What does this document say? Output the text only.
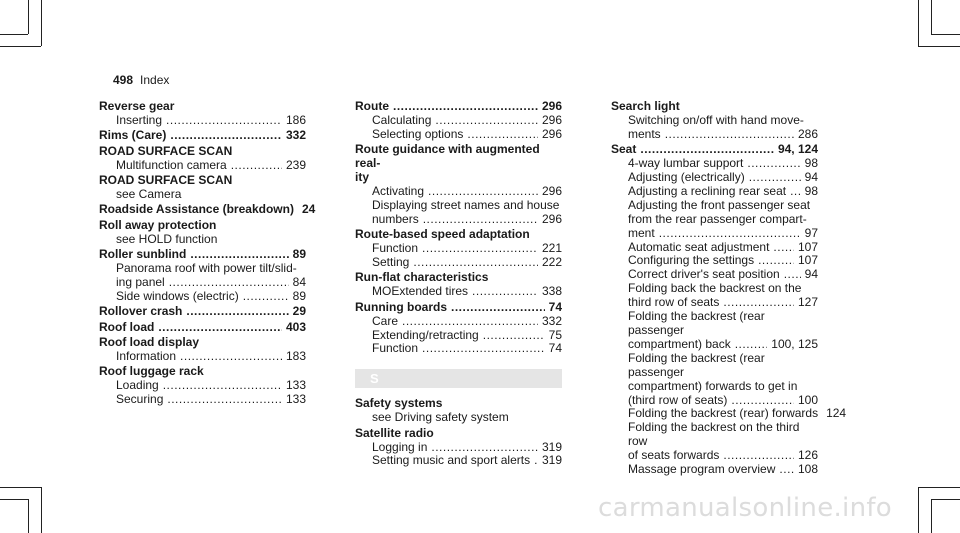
498 Index
Reverse gear
Inserting .....	186
Rims (Care) .....	332
ROAD SURFACE SCAN
Multifunction camera .....	239
ROAD SURFACE SCAN
see Camera
Roadside Assistance (breakdown) 24
Roll away protection
see HOLD function
Roller sunblind .....	89
Panorama roof with power tilt/slid-
ing panel .....	84
Side windows (electric) .....	89
Rollover crash .....	29
Roof load .....	403
Roof load display
Information .....	183
Roof luggage rack
Loading .....	133
Securing .....	133
Route .....	296
Calculating .....	296
Selecting options .....	296
Route guidance with augmented real-
ity
Activating .....	296
Displaying street names and house
numbers .....	296
Route-based speed adaptation
Function .....	221
Setting .....	222
Run-flat characteristics
MOExtended tires .....	338
Running boards .....	74
Care .....	332
Extending/retracting .....	75
Function .....	74
S
Safety systems
see Driving safety system
Satellite radio
Logging in .....	319
Setting music and sport alerts ..... 319
Search light
Switching on/off with hand move-
ments .....	286
Seat .....	94, 124
4-way lumbar support .....	98
Adjusting (electrically) .....	94
Adjusting a reclining rear seat ..... 98
Adjusting the front passenger seat
from the rear passenger compart-
ment .....	97
Automatic seat adjustment ..... 107
Configuring the settings .....	107
Correct driver's seat position ..... 94
Folding back the backrest on the
third row of seats .....	127
Folding the backrest (rear passenger
compartment) back .....	100, 125
Folding the backrest (rear passenger
compartment) forwards to get in
(third row of seats) .....	100
Folding the backrest (rear) forwards 124
Folding the backrest on the third row
of seats forwards .....	126
Massage program overview ..... 108
carmanualsonline.info
